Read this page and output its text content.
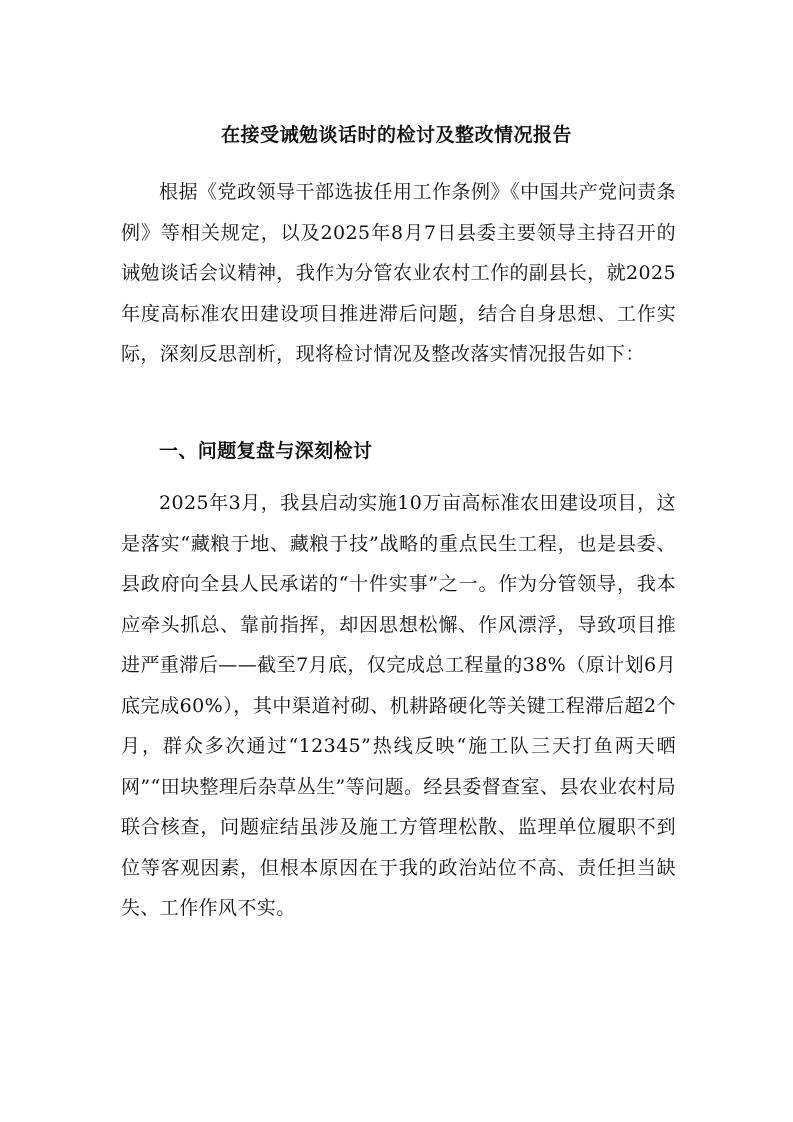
在接受诫勉谈话时的检讨及整改情况报告

根据《党政领导干部选拔任用工作条例》《中国共产党问责条例》等相关规定，以及2025年8月7日县委主要领导主持召开的诫勉谈话会议精神，我作为分管农业农村工作的副县长，就2025年度高标准农田建设项目推进滞后问题，结合自身思想、工作实际，深刻反思剖析，现将检讨情况及整改落实情况报告如下：

一、问题复盘与深刻检讨

2025年3月，我县启动实施10万亩高标准农田建设项目，这是落实“藏粮于地、藏粮于技”战略的重点民生工程，也是县委、县政府向全县人民承诺的“十件实事”之一。作为分管领导，我本应牵头抓总、靠前指挥，却因思想松懈、作风漂浮，导致项目推进严重滞后——截至7月底，仅完成总工程量的38%（原计划6月底完成60%），其中渠道衬砌、机耕路硬化等关键工程滞后超2个月，群众多次通过“12345”热线反映“施工队三天打鱼两天晒网”“田块整理后杂草丛生”等问题。经县委督查室、县农业农村局联合核查，问题症结虽涉及施工方管理松散、监理单位履职不到位等客观因素，但根本原因在于我的政治站位不高、责任担当缺失、工作作风不实。
